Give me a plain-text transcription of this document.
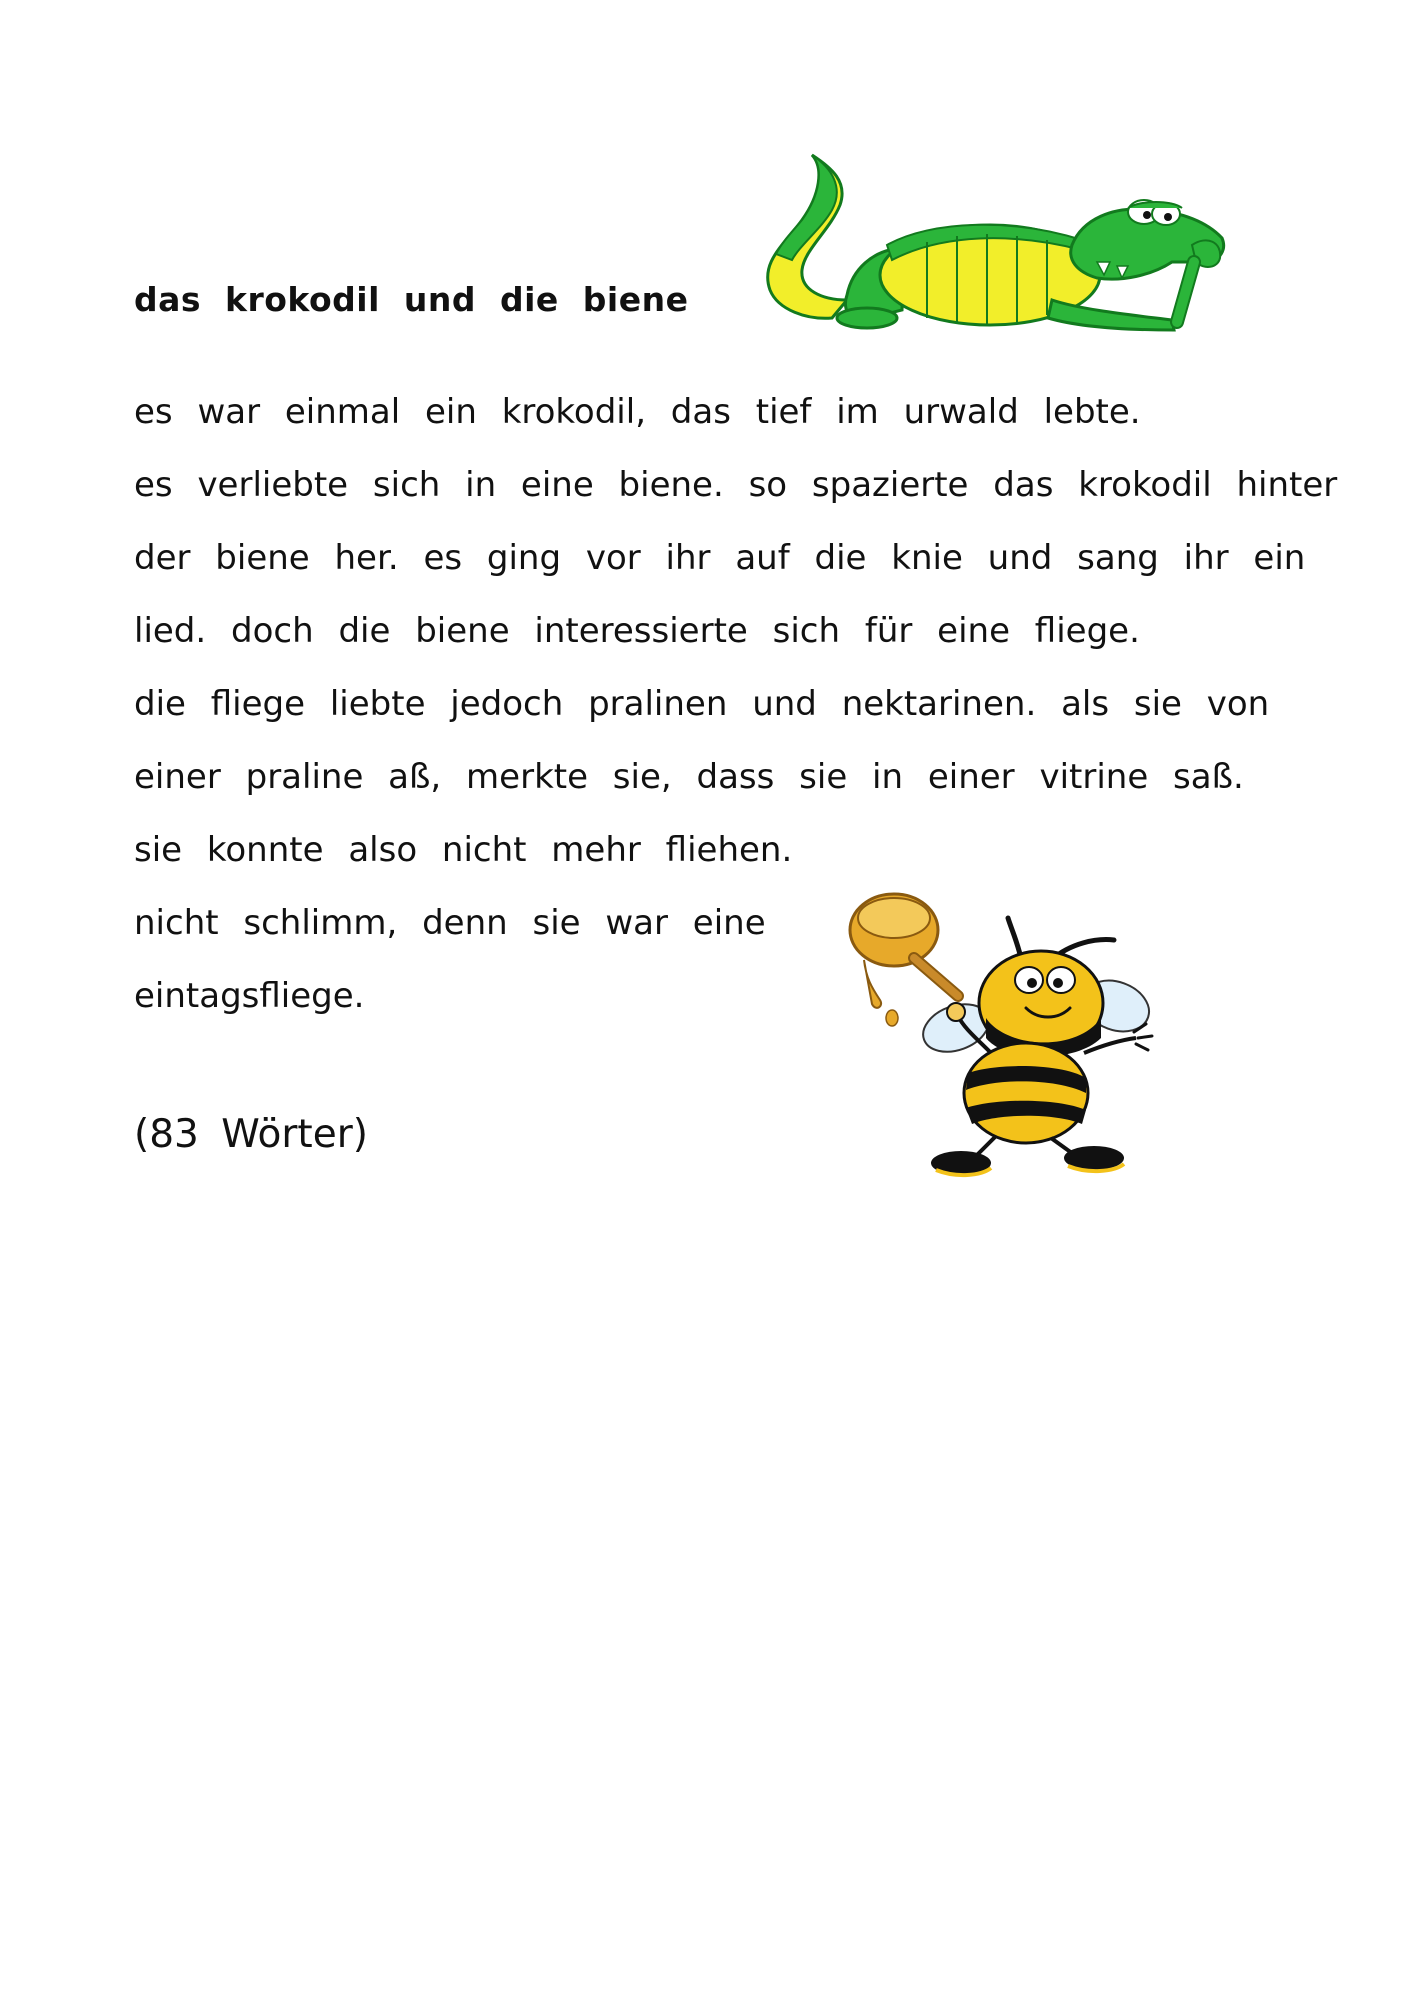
das krokodil und die biene
es war einmal ein krokodil, das tief im urwald lebte.
es verliebte sich in eine biene. so spazierte das krokodil hinter
der biene her. es ging vor ihr auf die knie und sang ihr ein
lied. doch die biene interessierte sich für eine fliege.
die fliege liebte jedoch pralinen und nektarinen. als sie von
einer praline aß, merkte sie, dass sie in einer vitrine saß.
sie konnte also nicht mehr fliehen.
nicht schlimm, denn sie war eine
eintagsfliege.
(83 Wörter)
